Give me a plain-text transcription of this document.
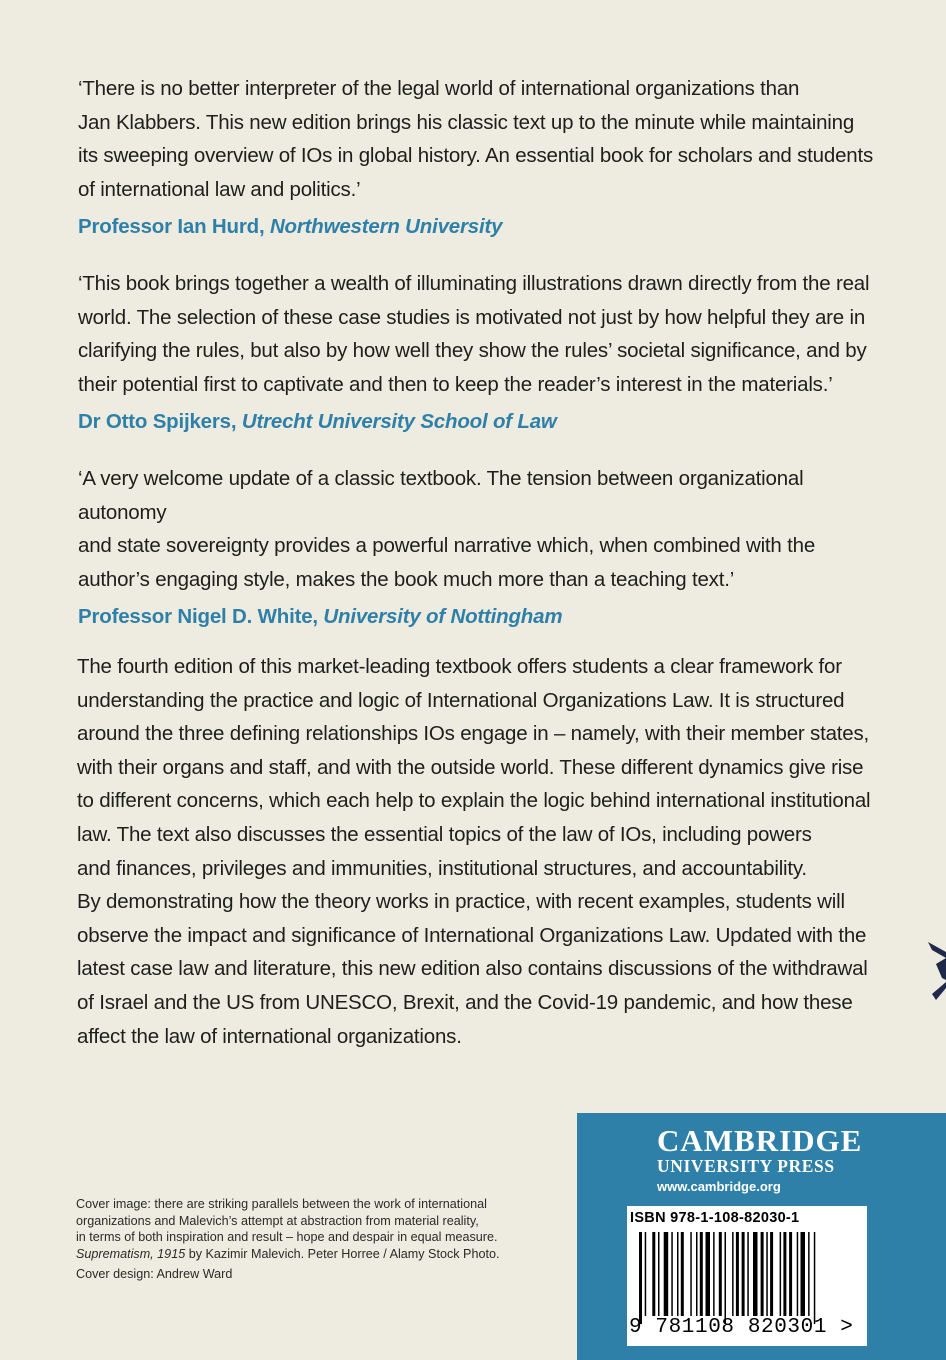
‘There is no better interpreter of the legal world of international organizations than

Jan Klabbers. This new edition brings his classic text up to the minute while maintaining

its sweeping overview of IOs in global history. An essential book for scholars and students

of international law and politics.’

Professor Ian Hurd, Northwestern University

‘This book brings together a wealth of illuminating illustrations drawn directly from the real

world. The selection of these case studies is motivated not just by how helpful they are in

clarifying the rules, but also by how well they show the rules’ societal significance, and by

their potential first to captivate and then to keep the reader’s interest in the materials.’

Dr Otto Spijkers, Utrecht University School of Law

‘A very welcome update of a classic textbook. The tension between organizational autonomy

and state sovereignty provides a powerful narrative which, when combined with the

author’s engaging style, makes the book much more than a teaching text.’

Professor Nigel D. White, University of Nottingham

The fourth edition of this market-leading textbook offers students a clear framework for

understanding the practice and logic of International Organizations Law. It is structured

around the three defining relationships IOs engage in – namely, with their member states,

with their organs and staff, and with the outside world. These different dynamics give rise

to different concerns, which each help to explain the logic behind international institutional

law. The text also discusses the essential topics of the law of IOs, including powers

and finances, privileges and immunities, institutional structures, and accountability.

By demonstrating how the theory works in practice, with recent examples, students will

observe the impact and significance of International Organizations Law. Updated with the

latest case law and literature, this new edition also contains discussions of the withdrawal

of Israel and the US from UNESCO, Brexit, and the Covid-19 pandemic, and how these

affect the law of international organizations.

Cover image: there are striking parallels between the work of international

organizations and Malevich’s attempt at abstraction from material reality,

in terms of both inspiration and result – hope and despair in equal measure.

Suprematism, 1915 by Kazimir Malevich. Peter Horree / Alamy Stock Photo.

Cover design: Andrew Ward

CAMBRIDGE
UNIVERSITY PRESS
www.cambridge.org
ISBN 978-1-108-82030-1
9 781108 820301 >
